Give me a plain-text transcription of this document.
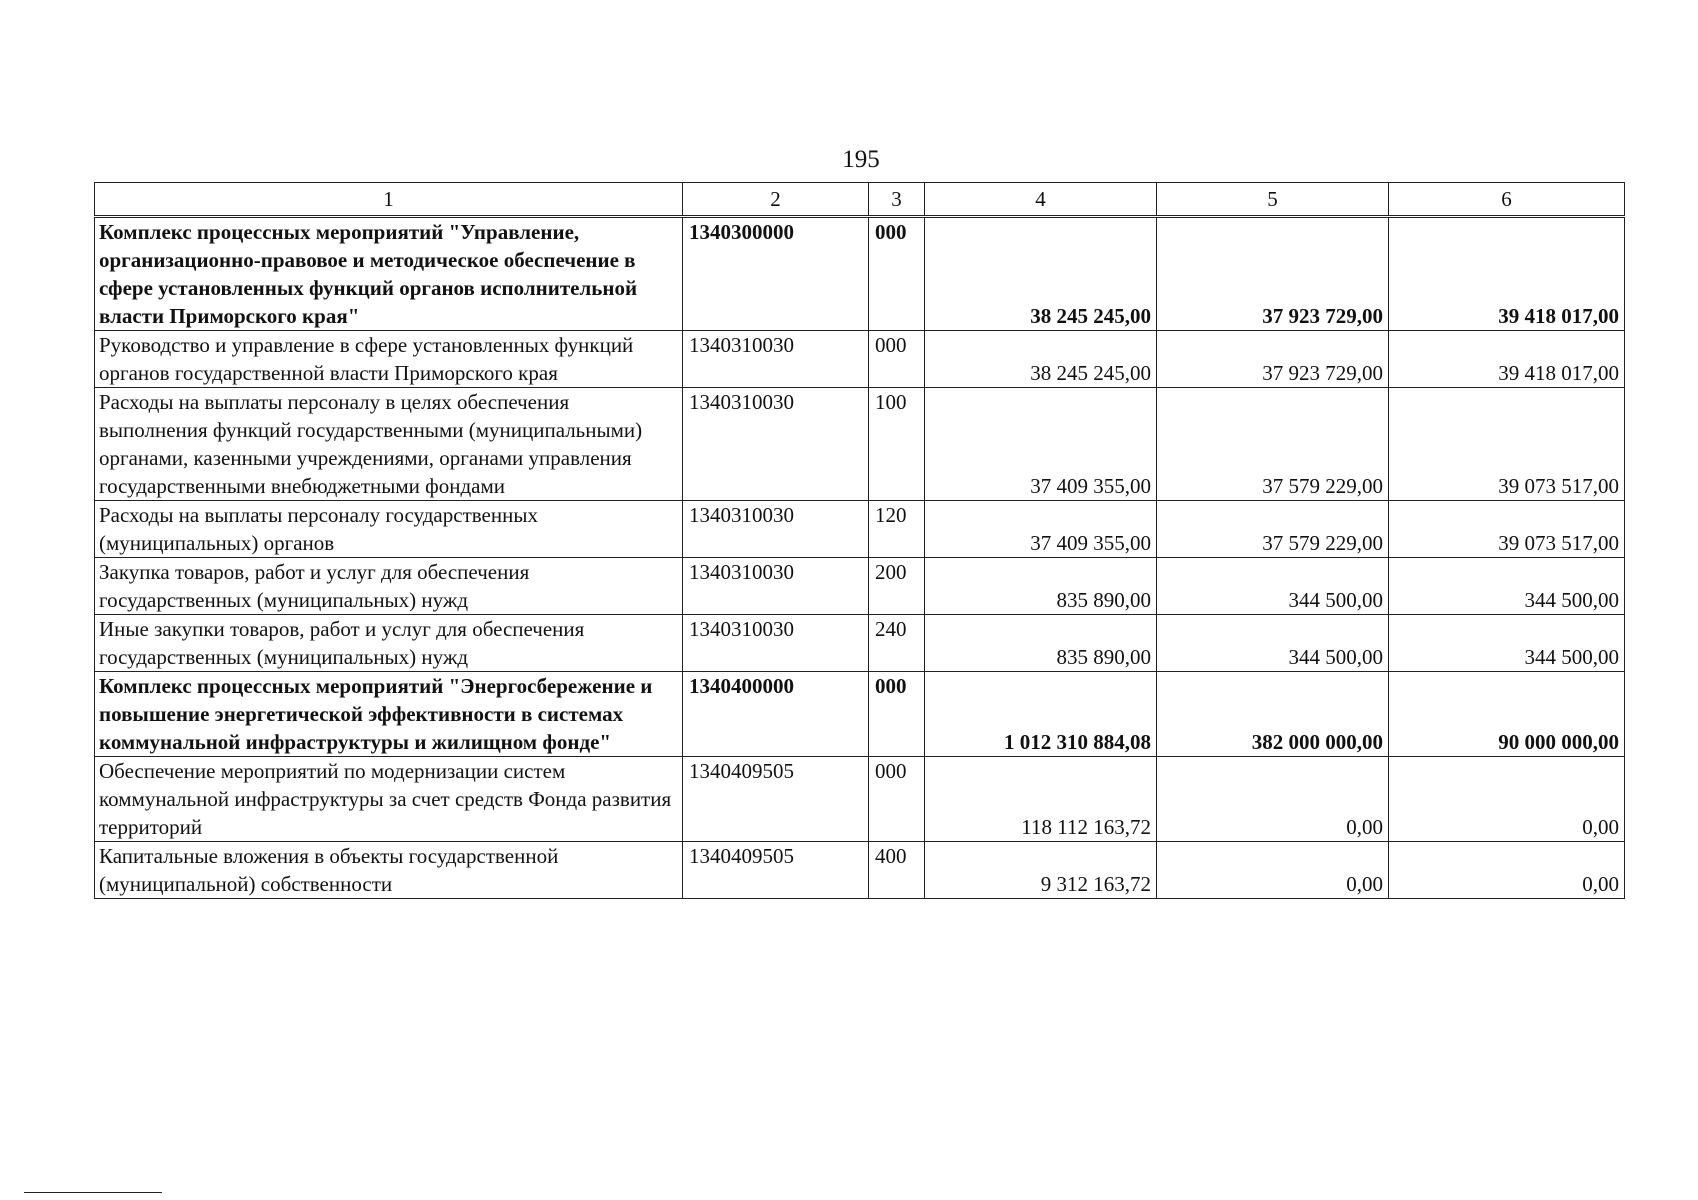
195
1	2	3	4	5	6
Комплекс процессных мероприятий "Управление, организационно-правовое и методическое обеспечение в сфере установленных функций органов исполнительной власти Приморского края"	1340300000	000	38 245 245,00	37 923 729,00	39 418 017,00
Руководство и управление в сфере установленных функций органов государственной власти Приморского края	1340310030	000	38 245 245,00	37 923 729,00	39 418 017,00
Расходы на выплаты персоналу в целях обеспечения выполнения функций государственными (муниципальными) органами, казенными учреждениями, органами управления государственными внебюджетными фондами	1340310030	100	37 409 355,00	37 579 229,00	39 073 517,00
Расходы на выплаты персоналу государственных (муниципальных) органов	1340310030	120	37 409 355,00	37 579 229,00	39 073 517,00
Закупка товаров, работ и услуг для обеспечения государственных (муниципальных) нужд	1340310030	200	835 890,00	344 500,00	344 500,00
Иные закупки товаров, работ и услуг для обеспечения государственных (муниципальных) нужд	1340310030	240	835 890,00	344 500,00	344 500,00
Комплекс процессных мероприятий "Энергосбережение и повышение энергетической эффективности в системах коммунальной инфраструктуры и жилищном фонде"	1340400000	000	1 012 310 884,08	382 000 000,00	90 000 000,00
Обеспечение мероприятий по модернизации систем коммунальной инфраструктуры за счет средств Фонда развития территорий	1340409505	000	118 112 163,72	0,00	0,00
Капитальные вложения в объекты государственной (муниципальной) собственности	1340409505	400	9 312 163,72	0,00	0,00
